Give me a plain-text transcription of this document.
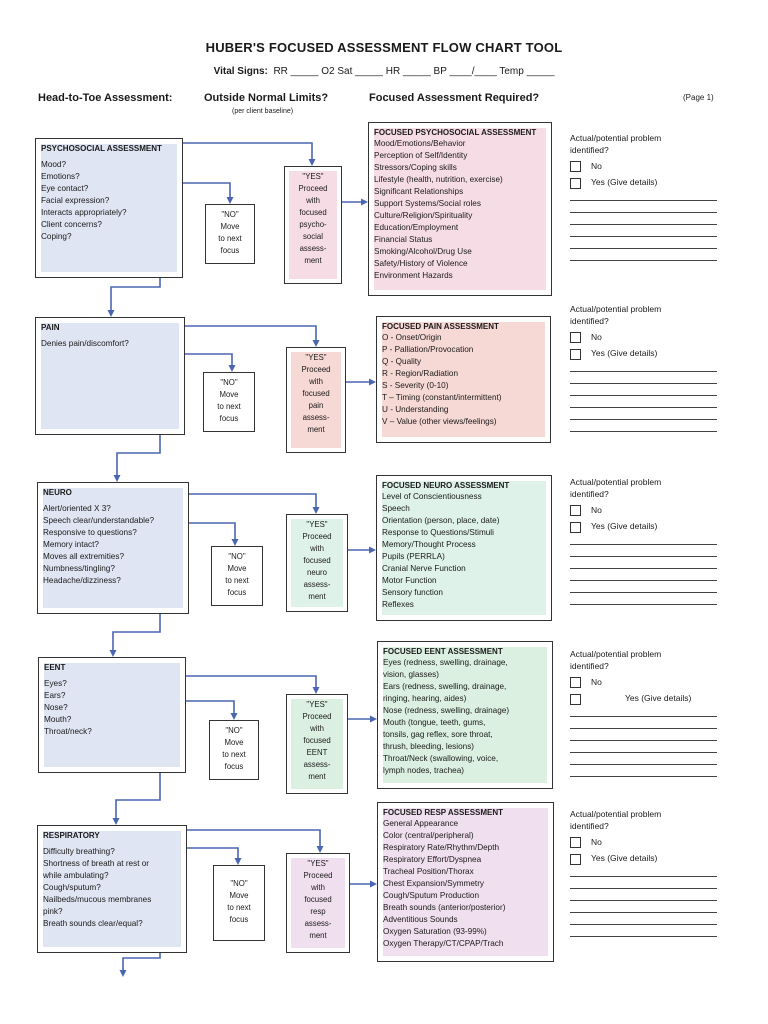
HUBER'S FOCUSED ASSESSMENT FLOW CHART TOOL
Vital Signs: RR _____ O2 Sat _____ HR _____ BP ____/____ Temp _____
Head-to-Toe Assessment:	Outside Normal Limits?	Focused Assessment Required?
(per client baseline)
(Page 1)
PSYCHOSOCIAL ASSESSMENT
Mood?
Emotions?
Eye contact?
Facial expression?
Interacts appropriately?
Client concerns?
Coping?
"NO"
Move
to next
focus
"YES"
Proceed
with
focused
psycho-
social
assess-
ment
FOCUSED PSYCHOSOCIAL ASSESSMENT
Mood/Emotions/Behavior
Perception of Self/Identity
Stressors/Coping skills
Lifestyle (health, nutrition, exercise)
Significant Relationships
Support Systems/Social roles
Culture/Religion/Spirituality
Education/Employment
Financial Status
Smoking/Alcohol/Drug Use
Safety/History of Violence
Environment Hazards
Actual/potential problem
identified?
No
Yes (Give details)
PAIN
Denies pain/discomfort?
"NO"
Move
to next
focus
"YES"
Proceed
with
focused
pain
assess-
ment
FOCUSED PAIN ASSESSMENT
O - Onset/Origin
P - Palliation/Provocation
Q - Quality
R - Region/Radiation
S - Severity (0-10)
T – Timing (constant/intermittent)
U - Understanding
V – Value (other views/feelings)
Actual/potential problem
identified?
No
Yes (Give details)
NEURO
Alert/oriented X 3?
Speech clear/understandable?
Responsive to questions?
Memory intact?
Moves all extremities?
Numbness/tingling?
Headache/dizziness?
"NO"
Move
to next
focus
"YES"
Proceed
with
focused
neuro
assess-
ment
FOCUSED NEURO ASSESSMENT
Level of Conscientiousness
Speech
Orientation (person, place, date)
Response to Questions/Stimuli
Memory/Thought Process
Pupils (PERRLA)
Cranial Nerve Function
Motor Function
Sensory function
Reflexes
Actual/potential problem
identified?
No
Yes (Give details)
EENT
Eyes?
Ears?
Nose?
Mouth?
Throat/neck?	"NO"
Move
to next
focus
"YES"
Proceed
with
focused
EENT
assess-
ment
FOCUSED EENT ASSESSMENT
Eyes (redness, swelling, drainage,
vision, glasses)
Ears (redness, swelling, drainage,
ringing, hearing, aides)
Nose (redness, swelling, drainage)
Mouth (tongue, teeth, gums,
tonsils, gag reflex, sore throat,
thrush, bleeding, lesions)
Throat/Neck (swallowing, voice,
lymph nodes, trachea)
Actual/potential problem
identified?
No
Yes (Give details)
RESPIRATORY
Difficulty breathing?
Shortness of breath at rest or
while ambulating?
Cough/sputum?
Nailbeds/mucous membranes
pink?
Breath sounds clear/equal?
"NO"
Move
to next
focus
"YES"
Proceed
with
focused
resp
assess-
ment
FOCUSED RESP ASSESSMENT
General Appearance
Color (central/peripheral)
Respiratory Rate/Rhythm/Depth
Respiratory Effort/Dyspnea
Tracheal Position/Thorax
Chest Expansion/Symmetry
Cough/Sputum Production
Breath sounds (anterior/posterior)
Adventitious Sounds
Oxygen Saturation (93-99%)
Oxygen Therapy/CT/CPAP/Trach
Actual/potential problem
identified?
No
Yes (Give details)
